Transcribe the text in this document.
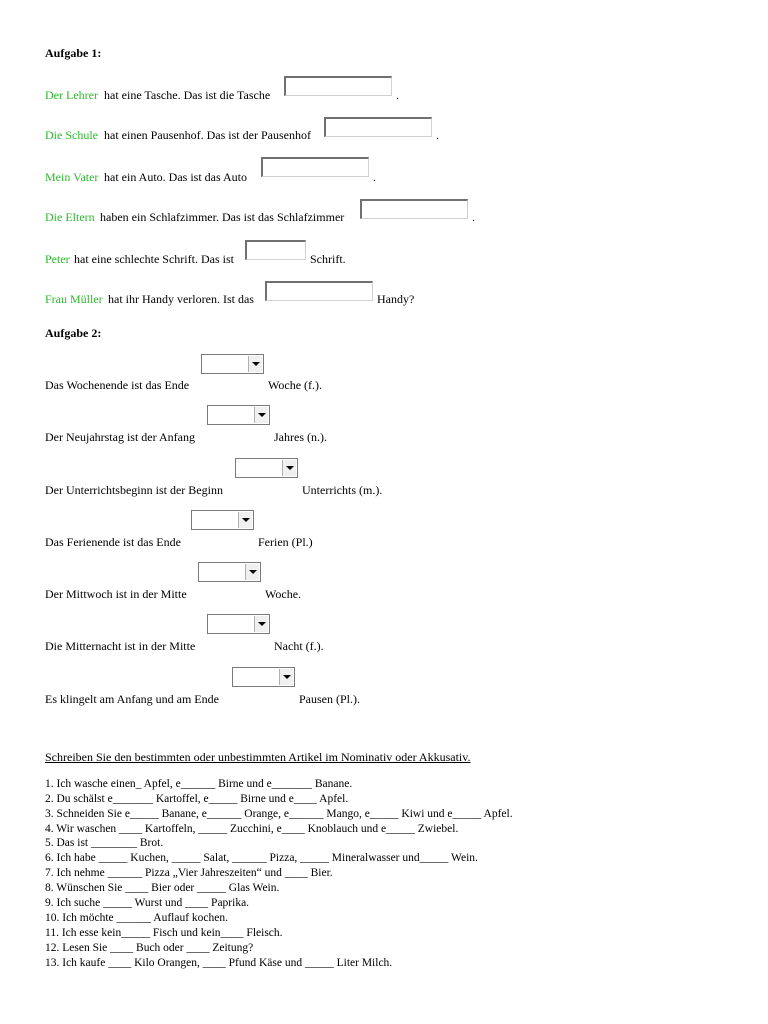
Aufgabe 1:
Der Lehrer hat eine Tasche. Das ist die Tasche	.
Die Schule hat einen Pausenhof. Das ist der Pausenhof	.
Mein Vater hat ein Auto. Das ist das Auto	.
Die Eltern haben ein Schlafzimmer. Das ist das Schlafzimmer	.
Peter hat eine schlechte Schrift. Das ist	Schrift.
Frau Müller hat ihr Handy verloren. Ist das	Handy?
Aufgabe 2:
Das Wochenende ist das Ende	Woche (f.).
Der Neujahrstag ist der Anfang	Jahres (n.).
Der Unterrichtsbeginn ist der Beginn	Unterrichts (m.).
Das Ferienende ist das Ende	Ferien (Pl.)
Der Mittwoch ist in der Mitte	Woche.
Die Mitternacht ist in der Mitte	Nacht (f.).
Es klingelt am Anfang und am Ende	Pausen (Pl.).
Schreiben Sie den bestimmten oder unbestimmten Artikel im Nominativ oder Akkusativ.
1. Ich wasche einen_ Apfel, e______ Birne und e_______ Banane.
2. Du schälst e_______ Kartoffel, e_____ Birne und e____ Apfel.
3. Schneiden Sie e_____ Banane, e______ Orange, e______ Mango, e_____ Kiwi und e_____ Apfel.
4. Wir waschen ____ Kartoffeln, _____ Zucchini, e____ Knoblauch und e_____ Zwiebel.
5. Das ist ________ Brot.
6. Ich habe _____ Kuchen, _____ Salat, ______ Pizza, _____ Mineralwasser und_____ Wein.
7. Ich nehme ______ Pizza „Vier Jahreszeiten“ und ____ Bier.
8. Wünschen Sie ____ Bier oder _____ Glas Wein.
9. Ich suche _____ Wurst und ____ Paprika.
10. Ich möchte ______ Auflauf kochen.
11. Ich esse kein_____ Fisch und kein____ Fleisch.
12. Lesen Sie ____ Buch oder ____ Zeitung?
13. Ich kaufe ____ Kilo Orangen, ____ Pfund Käse und _____ Liter Milch.
